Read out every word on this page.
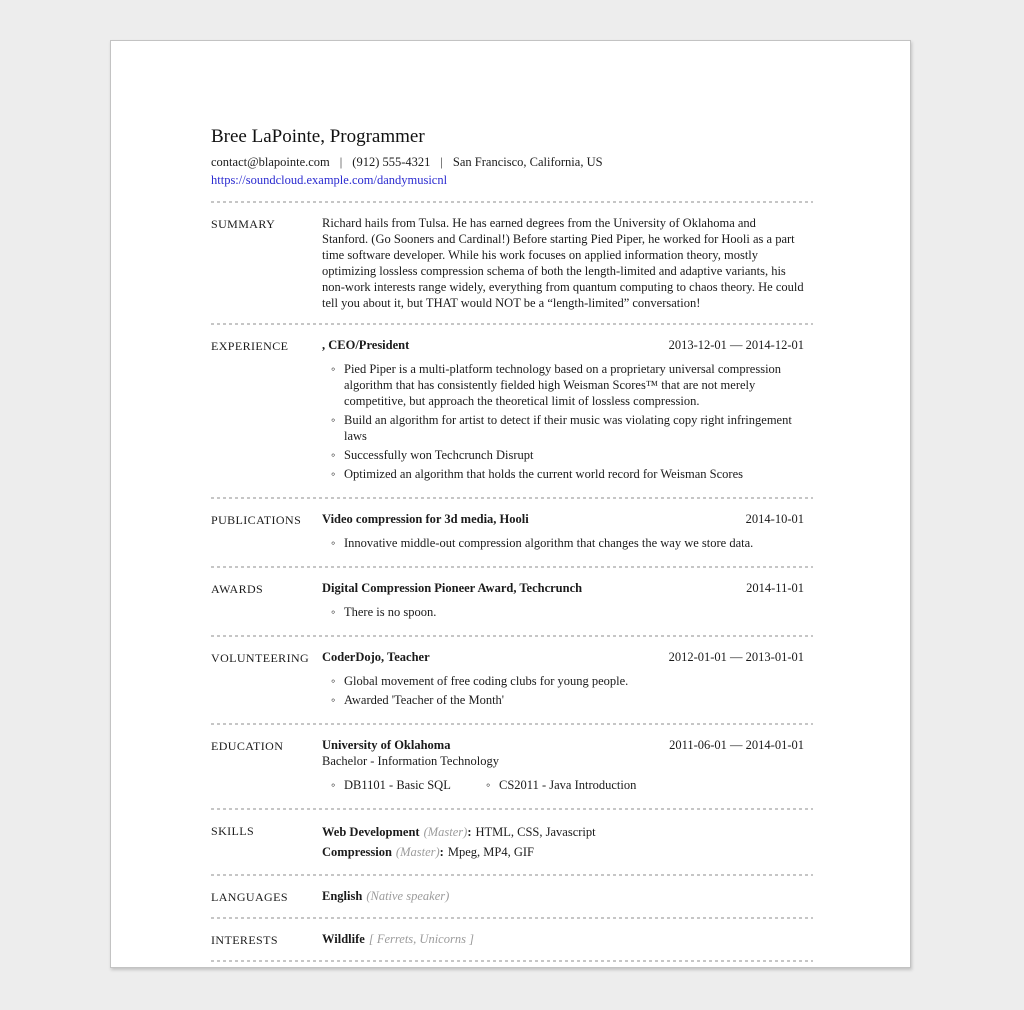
Bree LaPointe, Programmer
contact@blapointe.com | (912) 555-4321 | San Francisco, California, US
https://soundcloud.example.com/dandymusicnl
SUMMARY	Richard hails from Tulsa. He has earned degrees from the University of Oklahoma and Stanford. (Go Sooners and Cardinal!) Before starting Pied Piper, he worked for Hooli as a part time software developer. While his work focuses on applied information theory, mostly optimizing lossless compression schema of both the length-limited and adaptive variants, his non-work interests range widely, everything from quantum computing to chaos theory. He could tell you about it, but THAT would NOT be a “length-limited” conversation!
EXPERIENCE	, CEO/President	2013-12-01 — 2014-12-01
◦ Pied Piper is a multi-platform technology based on a proprietary universal compression algorithm that has consistently fielded high Weisman Scores™ that are not merely competitive, but approach the theoretical limit of lossless compression.
◦ Build an algorithm for artist to detect if their music was violating copy right infringement laws
◦ Successfully won Techcrunch Disrupt
◦ Optimized an algorithm that holds the current world record for Weisman Scores
PUBLICATIONS	Video compression for 3d media, Hooli	2014-10-01
◦ Innovative middle-out compression algorithm that changes the way we store data.
AWARDS	Digital Compression Pioneer Award, Techcrunch	2014-11-01
◦ There is no spoon.
VOLUNTEERING	CoderDojo, Teacher	2012-01-01 — 2013-01-01
◦ Global movement of free coding clubs for young people.
◦ Awarded 'Teacher of the Month'
EDUCATION	University of Oklahoma	2011-06-01 — 2014-01-01
Bachelor - Information Technology
◦ DB1101 - Basic SQL	◦ CS2011 - Java Introduction
SKILLS	Web Development (Master): HTML, CSS, Javascript
Compression (Master): Mpeg, MP4, GIF
LANGUAGES	English (Native speaker)
INTERESTS	Wildlife [ Ferrets, Unicorns ]
